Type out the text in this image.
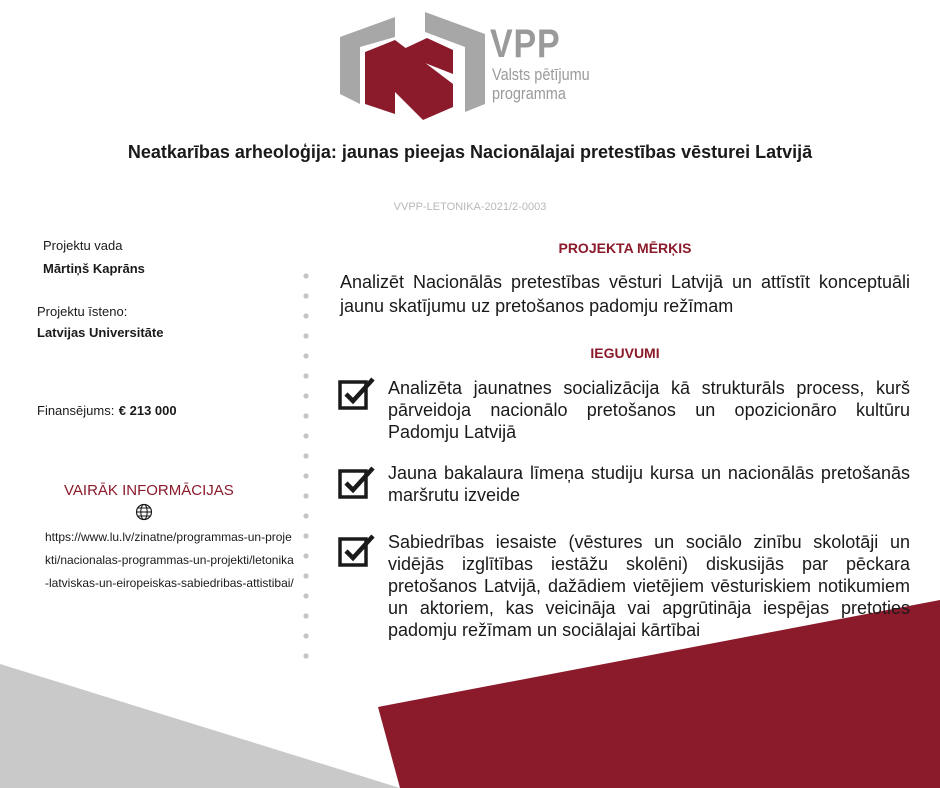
VPP
Valsts pētījumu
programma
Neatkarības arheoloģija: jaunas pieejas Nacionālajai pretestības vēsturei Latvijā
VVPP-LETONIKA-2021/2-0003
Projektu vada
Mārtiņš Kaprāns
Projektu īsteno:
Latvijas Universitāte
Finansējums: € 213 000
VAIRĀK INFORMĀCIJAS
https://www.lu.lv/zinatne/programmas-un-projekti/nacionalas-programmas-un-projekti/letonika-latviskas-un-eiropeiskas-sabiedribas-attistibai/
PROJEKTA MĒRĶIS
Analizēt Nacionālās pretestības vēsturi Latvijā un attīstīt konceptuāli jaunu skatījumu uz pretošanos padomju režīmam
IEGUVUMI
Analizēta jaunatnes socializācija kā strukturāls process, kurš pārveidoja nacionālo pretošanos un opozicionāro kultūru Padomju Latvijā
Jauna bakalaura līmeņa studiju kursa un nacionālās pretošanās maršrutu izveide
Sabiedrības iesaiste (vēstures un sociālo zinību skolotāji un vidējās izglītības iestāžu skolēni) diskusijās par pēckara pretošanos Latvijā, dažādiem vietējiem vēsturiskiem notikumiem un aktoriem, kas veicināja vai apgrūtināja iespējas pretoties padomju režīmam un sociālajai kārtībai
